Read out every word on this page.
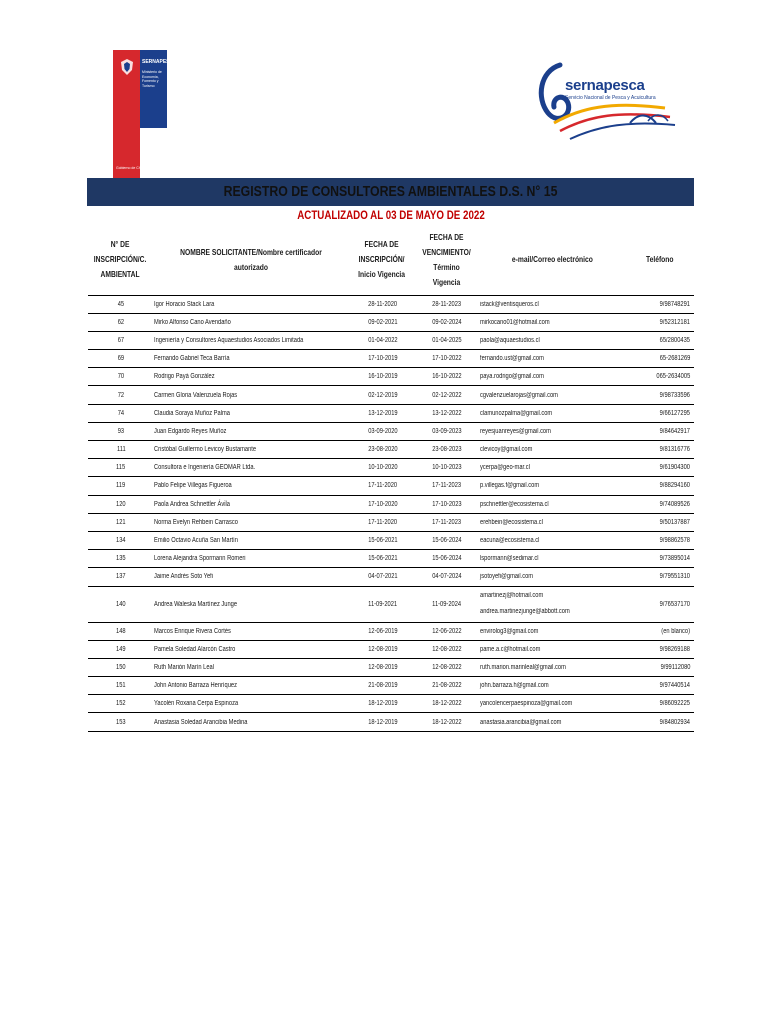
SERNAPESCA
Ministerio de Economía, Fomento y Turismo
Gobierno de Chile
sernapesca
Servicio Nacional de Pesca y Acuicultura
REGISTRO DE CONSULTORES AMBIENTALES D.S. N° 15
ACTUALIZADO AL 03 DE MAYO DE 2022
N° DE
INSCRIPCIÓN/C.
AMBIENTAL	NOMBRE SOLICITANTE/Nombre certificador autorizado	FECHA DE
INSCRIPCIÓN/
Inicio Vigencia	FECHA DE
VENCIMIENTO/
Término
Vigencia	e-mail/Correo electrónico	Teléfono
45	Igor Horacio Stack Lara	28-11-2020	28-11-2023	istack@ventisqueros.cl	9/98748291
62	Mirko Alfonso Cano Avendaño	09-02-2021	09-02-2024	mirkocano01@hotmail.com	9/52312181
67	Ingeniería y Consultores Aquaestudios Asociados Limitada	01-04-2022	01-04-2025	paola@aquaestudios.cl	65/2800435
69	Fernando Gabriel Teca Barría	17-10-2019	17-10-2022	fernando.ust@gmail.com	65-2681269
70	Rodrigo Payá González	16-10-2019	16-10-2022	paya.rodrigo@gmail.com	065-2634005
72	Carmen Gloria Valenzuela Rojas	02-12-2019	02-12-2022	cgvalenzuelarojas@gmail.com	9/98733596
74	Claudia Soraya Muñoz Palma	13-12-2019	13-12-2022	clamunozpalma@gmail.com	9/66127295
93	Juan Edgardo Reyes Muñoz	03-09-2020	03-09-2023	reyesjuanreyes@gmail.com	9/84642917
111	Cristóbal Guillermo Levicoy Bustamante	23-08-2020	23-08-2023	clevicoy@gmail.com	9/81316776
115	Consultora e Ingeniería GEOMAR Ltda.	10-10-2020	10-10-2023	ycerpa@geo-mar.cl	9/61904300
119	Pablo Felipe Villegas Figueroa	17-11-2020	17-11-2023	p.villegas.f@gmail.com	9/88294160
120	Paola Andrea Schnettler Ávila	17-10-2020	17-10-2023	pschnettler@ecosistema.cl	9/74089526
121	Norma Evelyn Rehbein Carrasco	17-11-2020	17-11-2023	erehbein@ecosistema.cl	9/50137887
134	Emilio Octavio Acuña San Martín	15-06-2021	15-06-2024	eacuna@ecosistema.cl	9/98862578
135	Lorena Alejandra Spormann Romeri	15-06-2021	15-06-2024	lspormann@sedimar.cl	9/73895014
137	Jaime Andrés Soto Yefi	04-07-2021	04-07-2024	jsotoyefi@gmail.com	9/79551310
140	Andrea Waleska Martínez Junge	11-09-2021	11-09-2024	amartinezj@hotmail.com
andrea.martinezjunge@abbott.com	9/76537170
148	Marcos Enrique Rivera Cortés	12-06-2019	12-06-2022	envirolog3@gmail.com	(en blanco)
149	Pamela Soledad Alarcón Castro	12-08-2019	12-08-2022	pame.a.c@hotmail.com	9/98269188
150	Ruth Marión Marín Leal	12-08-2019	12-08-2022	ruth.marion.marinleal@gmail.com	9/99112080
151	John Antonio Barraza Henríquez	21-08-2019	21-08-2022	john.barraza.h@gmail.com	9/97440514
152	Yacolén Roxana Cerpa Espinoza	18-12-2019	18-12-2022	yancolencerpaespinoza@gmail.com	9/86092225
153	Anastasia Soledad Arancibia Medina	18-12-2019	18-12-2022	anastasia.arancibia@gmail.com	9/84802934
